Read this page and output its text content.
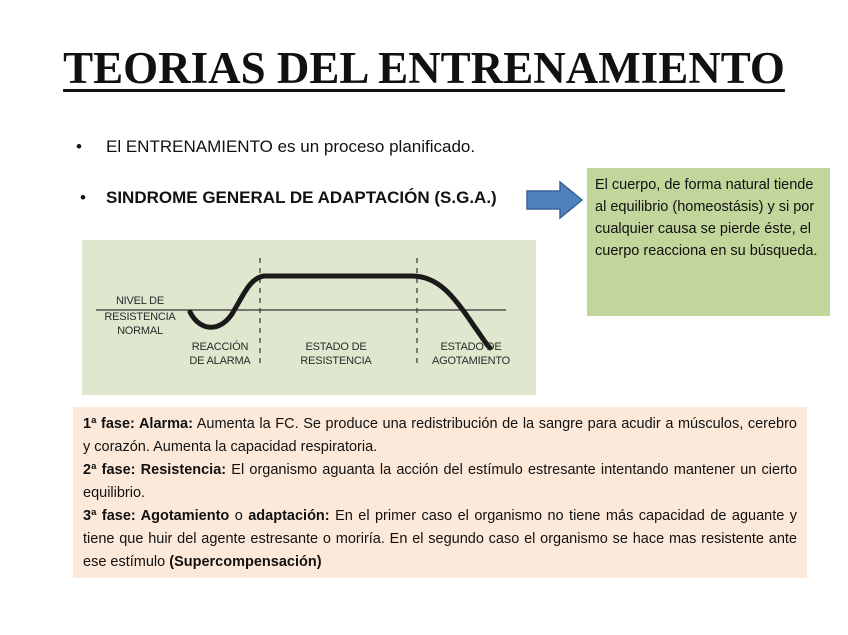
TEORIAS DEL ENTRENAMIENTO
• El ENTRENAMIENTO es un proceso planificado.
• SINDROME GENERAL DE ADAPTACIÓN (S.G.A.)
El cuerpo, de forma natural tiende al equilibrio (homeostásis) y si por cualquier causa se pierde éste, el cuerpo reacciona en su búsqueda.
NIVEL DE
RESISTENCIA
NORMAL
REACCIÓN
DE ALARMA
ESTADO DE
RESISTENCIA
ESTADO DE
AGOTAMIENTO

1ª fase: Alarma: Aumenta la FC. Se produce una redistribución de la sangre para acudir a músculos, cerebro y corazón. Aumenta la capacidad respiratoria.

2ª fase: Resistencia: El organismo aguanta la acción del estímulo estresante intentando mantener un cierto equilibrio.

3ª fase: Agotamiento o adaptación: En el primer caso el organismo no tiene más capacidad de aguante y tiene que huir del agente estresante o moriría. En el segundo caso el organismo se hace mas resistente ante ese estímulo (Supercompensación)
